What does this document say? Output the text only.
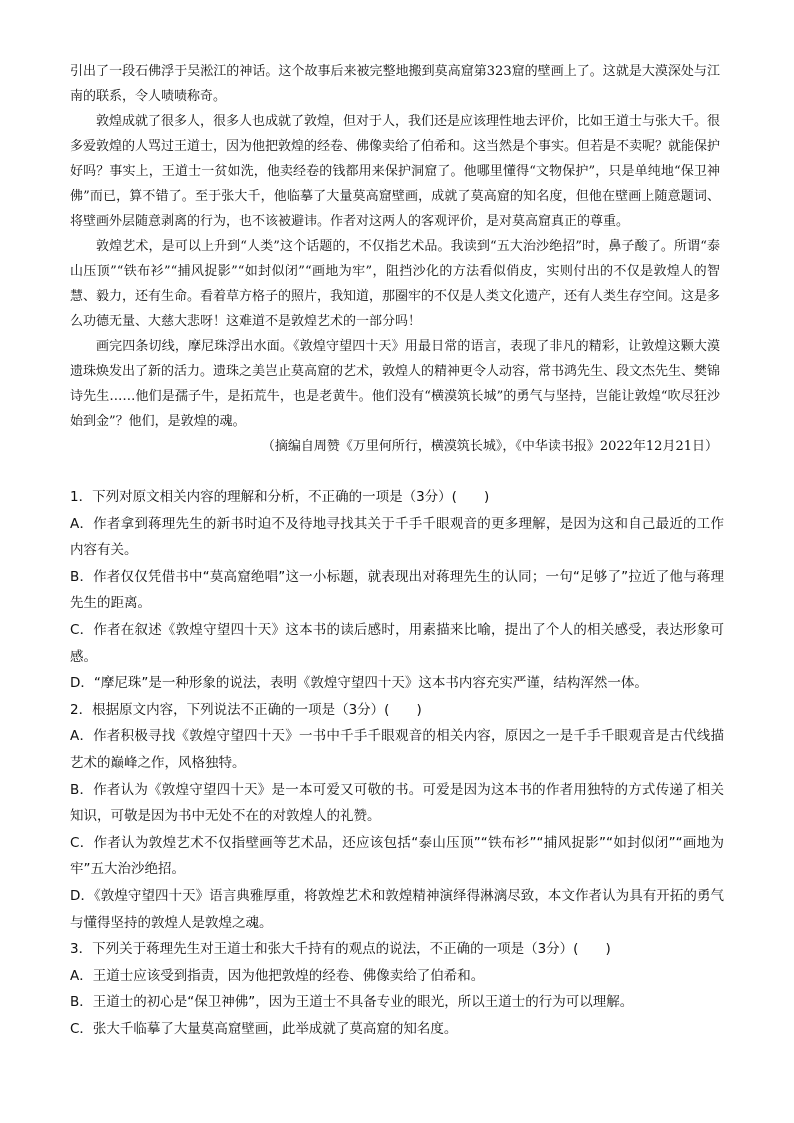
引出了一段石佛浮于吴淞江的神话。这个故事后来被完整地搬到莫高窟第323窟的壁画上了。这就是大漠深处与江南的联系，令人啧啧称奇。

敦煌成就了很多人，很多人也成就了敦煌，但对于人，我们还是应该理性地去评价，比如王道士与张大千。很多爱敦煌的人骂过王道士，因为他把敦煌的经卷、佛像卖给了伯希和。这当然是个事实。但若是不卖呢？就能保护好吗？事实上，王道士一贫如洗，他卖经卷的钱都用来保护洞窟了。他哪里懂得“文物保护”，只是单纯地“保卫神佛”而已，算不错了。至于张大千，他临摹了大量莫高窟壁画，成就了莫高窟的知名度，但他在壁画上随意题词、将壁画外层随意剥离的行为，也不该被避讳。作者对这两人的客观评价，是对莫高窟真正的尊重。

敦煌艺术，是可以上升到“人类”这个话题的，不仅指艺术品。我读到“五大治沙绝招”时，鼻子酸了。所谓“泰山压顶”“铁布衫”“捕风捉影”“如封似闭”“画地为牢”，阻挡沙化的方法看似俏皮，实则付出的不仅是敦煌人的智慧、毅力，还有生命。看着草方格子的照片，我知道，那圈牢的不仅是人类文化遗产，还有人类生存空间。这是多么功德无量、大慈大悲呀！这难道不是敦煌艺术的一部分吗！

画完四条切线，摩尼珠浮出水面。《敦煌守望四十天》用最日常的语言，表现了非凡的精彩，让敦煌这颗大漠遗珠焕发出了新的活力。遗珠之美岂止莫高窟的艺术，敦煌人的精神更令人动容，常书鸿先生、段文杰先生、樊锦诗先生……他们是孺子牛，是拓荒牛，也是老黄牛。他们没有“横漠筑长城”的勇气与坚持，岂能让敦煌“吹尽狂沙始到金”？他们，是敦煌的魂。

（摘编自周赞《万里何所行，横漠筑长城》，《中华读书报》2022年12月21日）

1．下列对原文相关内容的理解和分析，不正确的一项是（3分）(　　)

A．作者拿到蒋理先生的新书时迫不及待地寻找其关于千手千眼观音的更多理解，是因为这和自己最近的工作内容有关。

B．作者仅仅凭借书中“莫高窟绝唱”这一小标题，就表现出对蒋理先生的认同；一句“足够了”拉近了他与蒋理先生的距离。

C．作者在叙述《敦煌守望四十天》这本书的读后感时，用素描来比喻，提出了个人的相关感受，表达形象可感。

D．“摩尼珠”是一种形象的说法，表明《敦煌守望四十天》这本书内容充实严谨，结构浑然一体。

2．根据原文内容，下列说法不正确的一项是（3分）(　　)

A．作者积极寻找《敦煌守望四十天》一书中千手千眼观音的相关内容，原因之一是千手千眼观音是古代线描艺术的巅峰之作，风格独特。

B．作者认为《敦煌守望四十天》是一本可爱又可敬的书。可爱是因为这本书的作者用独特的方式传递了相关知识，可敬是因为书中无处不在的对敦煌人的礼赞。

C．作者认为敦煌艺术不仅指壁画等艺术品，还应该包括“泰山压顶”“铁布衫”“捕风捉影”“如封似闭”“画地为牢”五大治沙绝招。

D．《敦煌守望四十天》语言典雅厚重，将敦煌艺术和敦煌精神演绎得淋漓尽致，本文作者认为具有开拓的勇气与懂得坚持的敦煌人是敦煌之魂。

3．下列关于蒋理先生对王道士和张大千持有的观点的说法，不正确的一项是（3分）(　　)

A．王道士应该受到指责，因为他把敦煌的经卷、佛像卖给了伯希和。

B．王道士的初心是“保卫神佛”，因为王道士不具备专业的眼光，所以王道士的行为可以理解。

C．张大千临摹了大量莫高窟壁画，此举成就了莫高窟的知名度。
